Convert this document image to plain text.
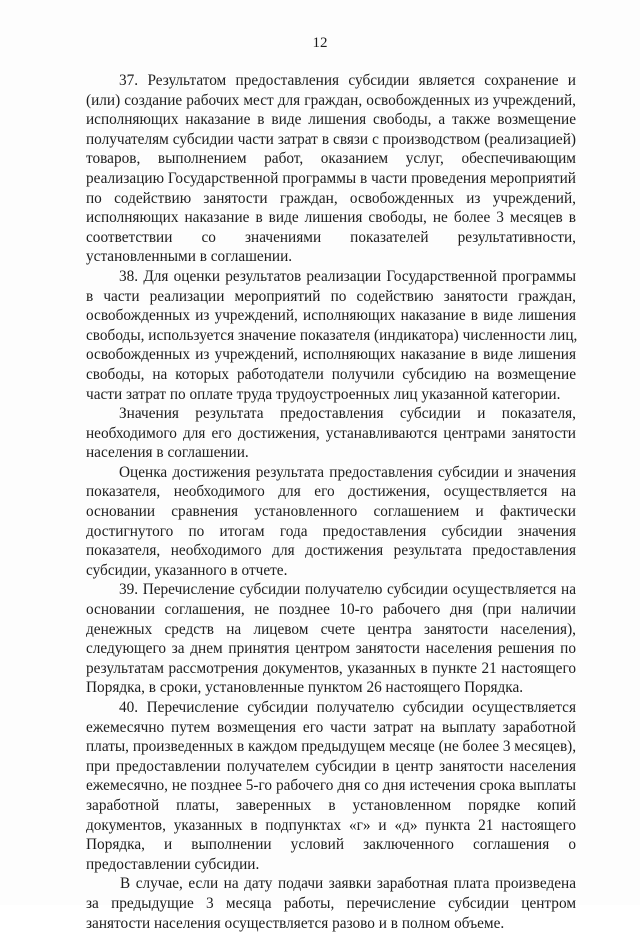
12
37. Результатом предоставления субсидии является сохранение и
(или) создание рабочих мест для граждан, освобожденных из учреждений,
исполняющих наказание в виде лишения свободы, а также возмещение
получателям субсидии части затрат в связи с производством (реализацией)
товаров, выполнением работ, оказанием услуг, обеспечивающим
реализацию Государственной программы в части проведения мероприятий
по содействию занятости граждан, освобожденных из учреждений,
исполняющих наказание в виде лишения свободы, не более 3 месяцев в
соответствии со значениями показателей результативности,
установленными в соглашении.
38. Для оценки результатов реализации Государственной программы
в части реализации мероприятий по содействию занятости граждан,
освобожденных из учреждений, исполняющих наказание в виде лишения
свободы, используется значение показателя (индикатора) численности лиц,
освобожденных из учреждений, исполняющих наказание в виде лишения
свободы, на которых работодатели получили субсидию на возмещение
части затрат по оплате труда трудоустроенных лиц указанной категории.
Значения результата предоставления субсидии и показателя,
необходимого для его достижения, устанавливаются центрами занятости
населения в соглашении.
Оценка достижения результата предоставления субсидии и значения
показателя, необходимого для его достижения, осуществляется на
основании сравнения установленного соглашением и фактически
достигнутого по итогам года предоставления субсидии значения
показателя, необходимого для достижения результата предоставления
субсидии, указанного в отчете.
39. Перечисление субсидии получателю субсидии осуществляется на
основании соглашения, не позднее 10-го рабочего дня (при наличии
денежных средств на лицевом счете центра занятости населения),
следующего за днем принятия центром занятости населения решения по
результатам рассмотрения документов, указанных в пункте 21 настоящего
Порядка, в сроки, установленные пунктом 26 настоящего Порядка.
40. Перечисление субсидии получателю субсидии осуществляется
ежемесячно путем возмещения его части затрат на выплату заработной
платы, произведенных в каждом предыдущем месяце (не более 3 месяцев),
при предоставлении получателем субсидии в центр занятости населения
ежемесячно, не позднее 5-го рабочего дня со дня истечения срока выплаты
заработной платы, заверенных в установленном порядке копий
документов, указанных в подпунктах «г» и «д» пункта 21 настоящего
Порядка, и выполнении условий заключенного соглашения о
предоставлении субсидии.
В случае, если на дату подачи заявки заработная плата произведена
за предыдущие 3 месяца работы, перечисление субсидии центром
занятости населения осуществляется разово и в полном объеме.
